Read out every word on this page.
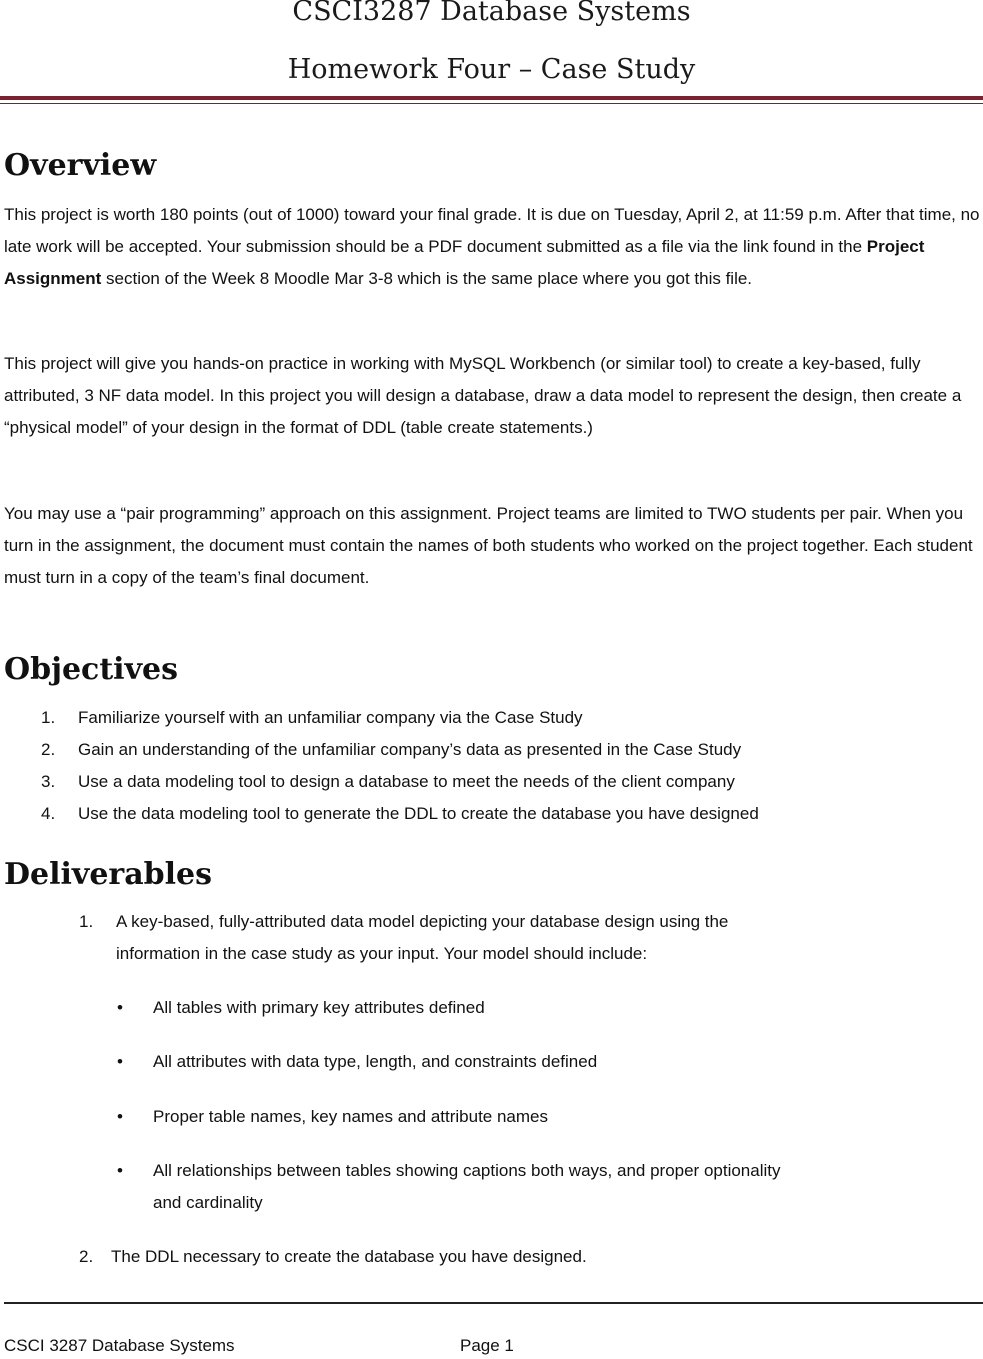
CSCI3287 Database Systems
Homework Four – Case Study
Overview

This project is worth 180 points (out of 1000) toward your final grade. It is due on Tuesday, April 2, at 11:59 p.m. After that time, no late work will be accepted. Your submission should be a PDF document submitted as a file via the link found in the Project Assignment section of the Week 8 Moodle Mar 3-8 which is the same place where you got this file.

This project will give you hands-on practice in working with MySQL Workbench (or similar tool) to create a key-based, fully attributed, 3 NF data model. In this project you will design a database, draw a data model to represent the design, then create a “physical model” of your design in the format of DDL (table create statements.)

You may use a “pair programming” approach on this assignment. Project teams are limited to TWO students per pair. When you turn in the assignment, the document must contain the names of both students who worked on the project together. Each student must turn in a copy of the team’s final document.

Objectives
1. Familiarize yourself with an unfamiliar company via the Case Study
2. Gain an understanding of the unfamiliar company’s data as presented in the Case Study
3. Use a data modeling tool to design a database to meet the needs of the client company
4. Use the data modeling tool to generate the DDL to create the database you have designed
Deliverables
1. A key-based, fully-attributed data model depicting your database design using the
information in the case study as your input. Your model should include:
• All tables with primary key attributes defined
• All attributes with data type, length, and constraints defined
• Proper table names, key names and attribute names
• All relationships between tables showing captions both ways, and proper optionality
and cardinality
2. The DDL necessary to create the database you have designed.
CSCI 3287 Database Systems	Page 1
